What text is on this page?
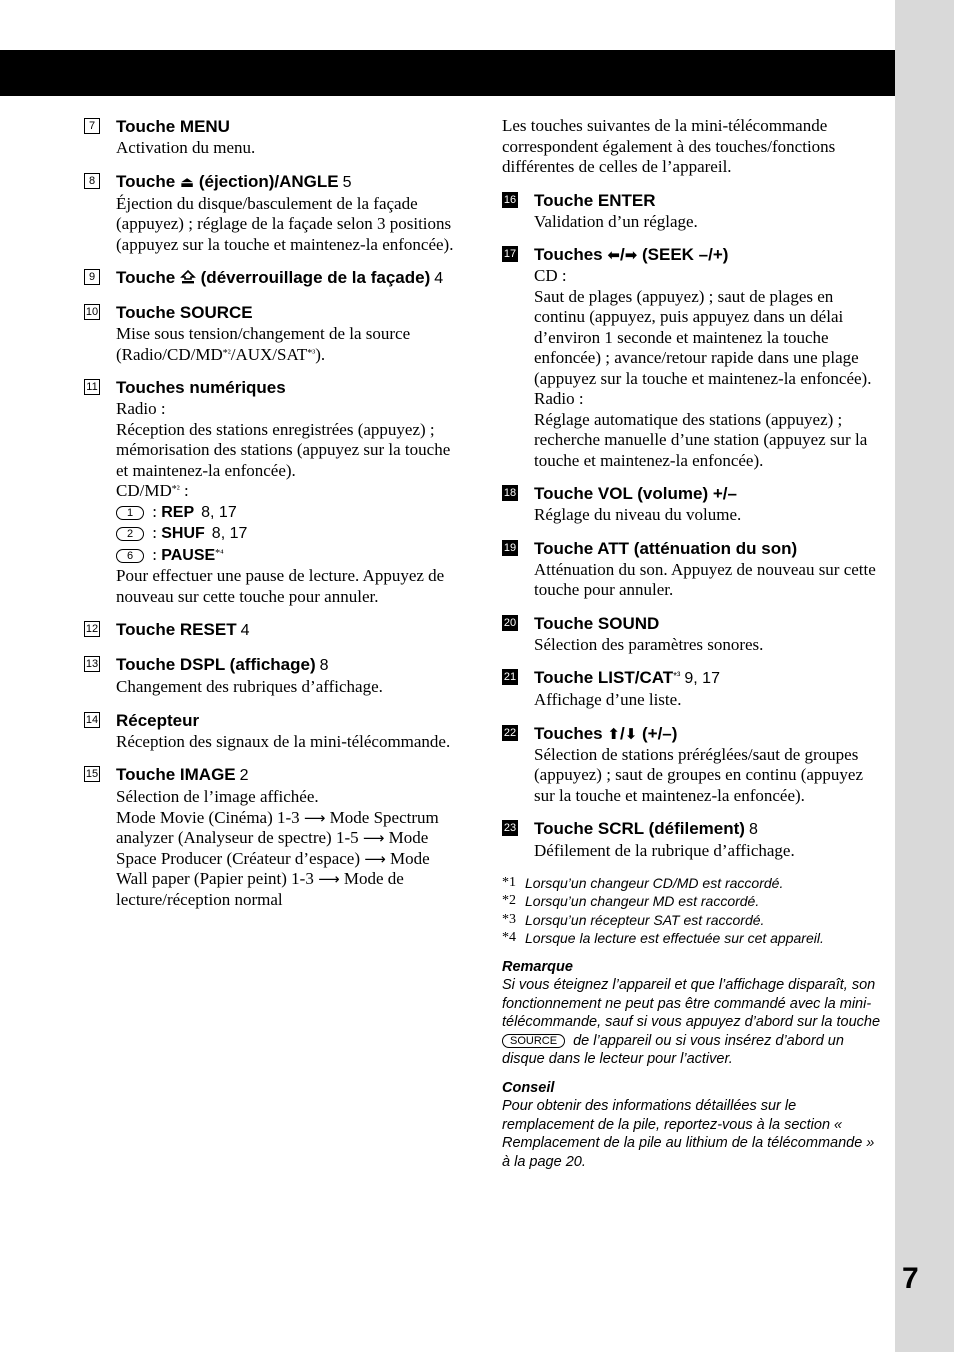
7
7 Touche MENU
Activation du menu.
8 Touche ⏏ (éjection)/ANGLE 5
Éjection du disque/basculement de la façade (appuyez) ; réglage de la façade selon 3 positions (appuyez sur la touche et maintenez-la enfoncée).
9 Touche  (déverrouillage de la façade) 4
10 Touche SOURCE
Mise sous tension/changement de la source $(Radio/CD/MD^{*^2}/AUX/SAT^{*^3})$.
11 Touches numériques
Radio :
Réception des stations enregistrées (appuyez) ; mémorisation des stations (appuyez sur la touche et maintenez-la enfoncée).
$CD/MD^{*^2}$ :
1 : REP 8, 17
2 : SHUF 8, 17
6 : $PAUSE^{*^4}$
Pour effectuer une pause de lecture. Appuyez de nouveau sur cette touche pour annuler.
12 Touche RESET 4
13 Touche DSPL (affichage) 8
Changement des rubriques d’affichage.
14 Récepteur
Réception des signaux de la mini-télécommande.
15 Touche IMAGE 2
Sélection de l’image affichée.
Mode Movie (Cinéma) 1-3 ⟶ Mode Spectrum analyzer (Analyseur de spectre) 1-5 ⟶ Mode Space Producer (Créateur d’espace) ⟶ Mode Wall paper (Papier peint) 1-3 ⟶ Mode de lecture/réception normal
Les touches suivantes de la mini-télécommande correspondent également à des touches/fonctions différentes de celles de l’appareil.
16 Touche ENTER
Validation d’un réglage.
17 Touches ⬅/➡ (SEEK –/+)
CD :
Saut de plages (appuyez) ; saut de plages en continu (appuyez, puis appuyez dans un délai d’environ 1 seconde et maintenez la touche enfoncée) ; avance/retour rapide dans une plage (appuyez sur la touche et maintenez-la enfoncée).
Radio :
Réglage automatique des stations (appuyez) ; recherche manuelle d’une station (appuyez sur la touche et maintenez-la enfoncée).
18 Touche VOL (volume) +/–
Réglage du niveau du volume.
19 Touche ATT (atténuation du son)
Atténuation du son. Appuyez de nouveau sur cette touche pour annuler.
20 Touche SOUND
Sélection des paramètres sonores.
21 Touche LIST/$CAT^{*^3}$ 9, 17
Affichage d’une liste.
22 Touches ⬆/⬇ (+/–)
Sélection de stations préréglées/saut de groupes (appuyez) ; saut de groupes en continu (appuyez sur la touche et maintenez-la enfoncée).
23 Touche SCRL (défilement) 8
Défilement de la rubrique d’affichage.
*1 Lorsqu’un changeur CD/MD est raccordé.
*2 Lorsqu’un changeur MD est raccordé.
*3 Lorsqu’un récepteur SAT est raccordé.
*4 Lorsque la lecture est effectuée sur cet appareil.
Remarque
Si vous éteignez l’appareil et que l’affichage disparaît, son fonctionnement ne peut pas être commandé avec la mini-télécommande, sauf si vous appuyez d’abord sur la touche SOURCE de l’appareil ou si vous insérez d’abord un disque dans le lecteur pour l’activer.
Conseil
Pour obtenir des informations détaillées sur le remplacement de la pile, reportez-vous à la section « Remplacement de la pile au lithium de la télécommande » à la page 20.
